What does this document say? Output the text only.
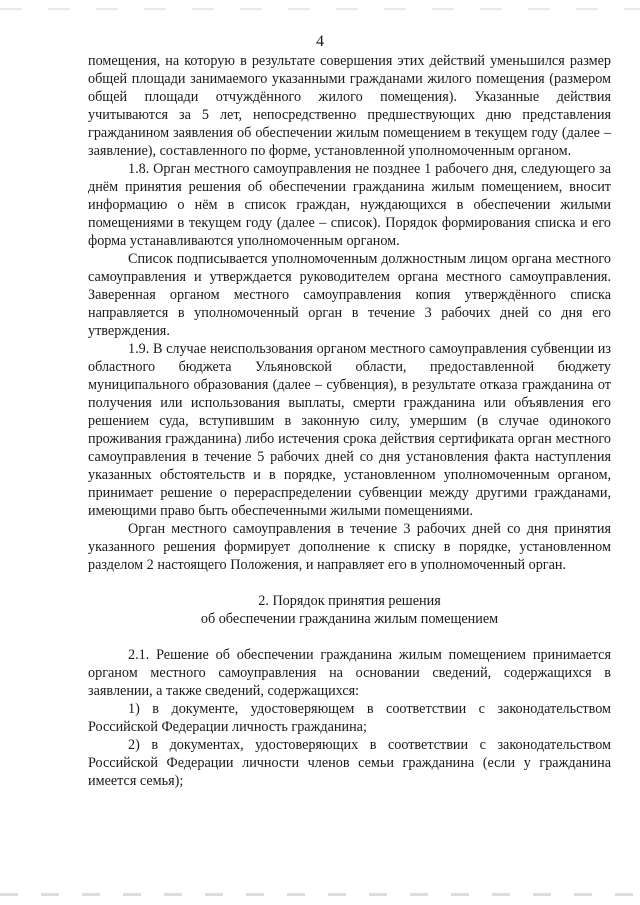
4

помещения, на которую в результате совершения этих действий уменьшился размер общей площади занимаемого указанными гражданами жилого помещения (размером общей площади отчуждённого жилого помещения). Указанные действия учитываются за 5 лет, непосредственно предшествующих дню представления гражданином заявления об обеспечении жилым помещением в текущем году (далее – заявление), составленного по форме, установленной уполномоченным органом.

1.8. Орган местного самоуправления не позднее 1 рабочего дня, следующего за днём принятия решения об обеспечении гражданина жилым помещением, вносит информацию о нём в список граждан, нуждающихся в обеспечении жилыми помещениями в текущем году (далее – список). Порядок формирования списка и его форма устанавливаются уполномоченным органом.

Список подписывается уполномоченным должностным лицом органа местного самоуправления и утверждается руководителем органа местного самоуправления. Заверенная органом местного самоуправления копия утверждённого списка направляется в уполномоченный орган в течение 3 рабочих дней со дня его утверждения.

1.9. В случае неиспользования органом местного самоуправления субвенции из областного бюджета Ульяновской области, предоставленной бюджету муниципального образования (далее – субвенция), в результате отказа гражданина от получения или использования выплаты, смерти гражданина или объявления его решением суда, вступившим в законную силу, умершим (в случае одинокого проживания гражданина) либо истечения срока действия сертификата орган местного самоуправления в течение 5 рабочих дней со дня установления факта наступления указанных обстоятельств и в порядке, установленном уполномоченным органом, принимает решение о перераспределении субвенции между другими гражданами, имеющими право быть обеспеченными жилыми помещениями.

Орган местного самоуправления в течение 3 рабочих дней со дня принятия указанного решения формирует дополнение к списку в порядке, установленном разделом 2 настоящего Положения, и направляет его в уполномоченный орган.

2. Порядок принятия решения

об обеспечении гражданина жилым помещением

2.1. Решение об обеспечении гражданина жилым помещением принимается органом местного самоуправления на основании сведений, содержащихся в заявлении, а также сведений, содержащихся:

1) в документе, удостоверяющем в соответствии с законодательством Российской Федерации личность гражданина;

2) в документах, удостоверяющих в соответствии с законодательством Российской Федерации личности членов семьи гражданина (если у гражданина имеется семья);
